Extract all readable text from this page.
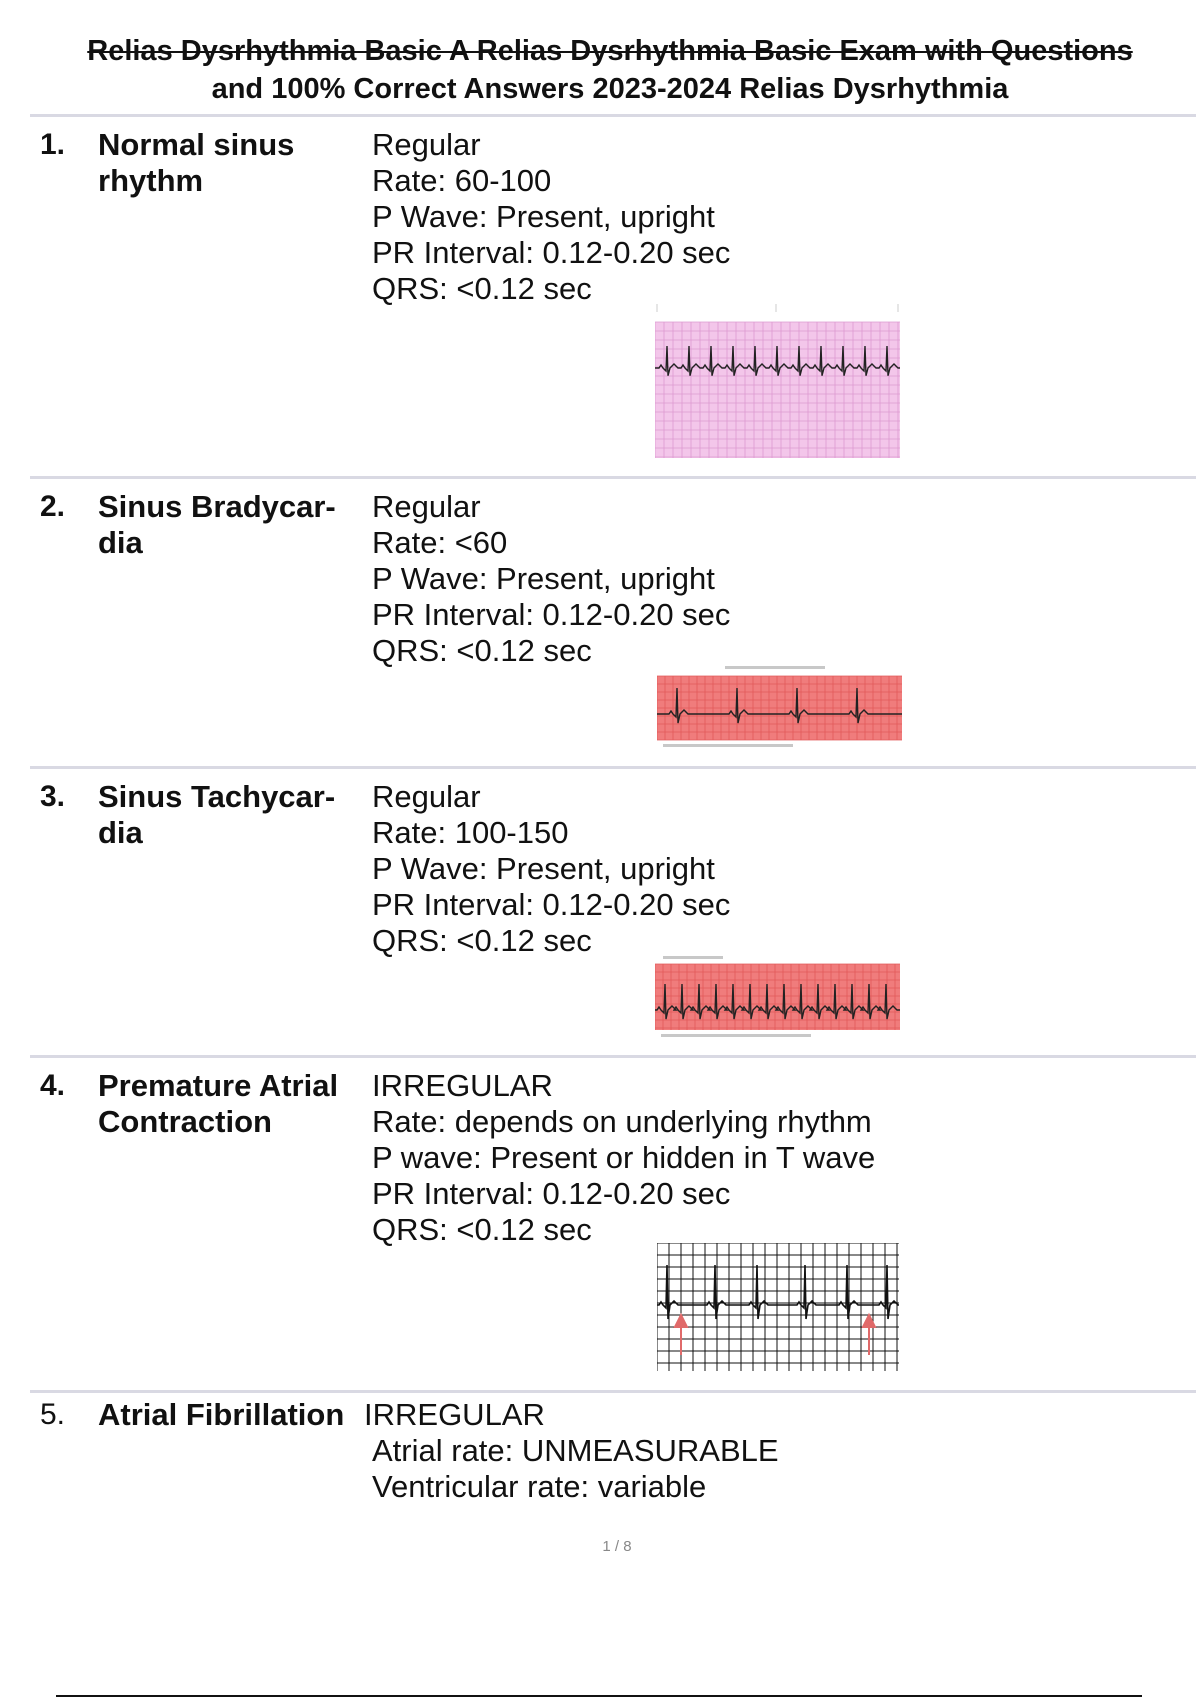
Relias Dysrhythmia Basic A Relias Dysrhythmia Basic Exam with Questions
and 100% Correct Answers 2023-2024 Relias Dysrhythmia
1.	Normal sinus
rhythm
Regular
Rate: 60-100
P Wave: Present, upright
PR Interval: 0.12-0.20 sec
QRS: <0.12 sec
2.	Sinus Bradycar-
dia
Regular
Rate: <60
P Wave: Present, upright
PR Interval: 0.12-0.20 sec
QRS: <0.12 sec
3.	Sinus Tachycar-
dia
Regular
Rate: 100-150
P Wave: Present, upright
PR Interval: 0.12-0.20 sec
QRS: <0.12 sec
4.	Premature Atrial
Contraction
IRREGULAR
Rate: depends on underlying rhythm
P wave: Present or hidden in T wave
PR Interval: 0.12-0.20 sec
QRS: <0.12 sec
5.	Atrial Fibrillation IRREGULAR
Atrial rate: UNMEASURABLE
Ventricular rate: variable
1 / 8
